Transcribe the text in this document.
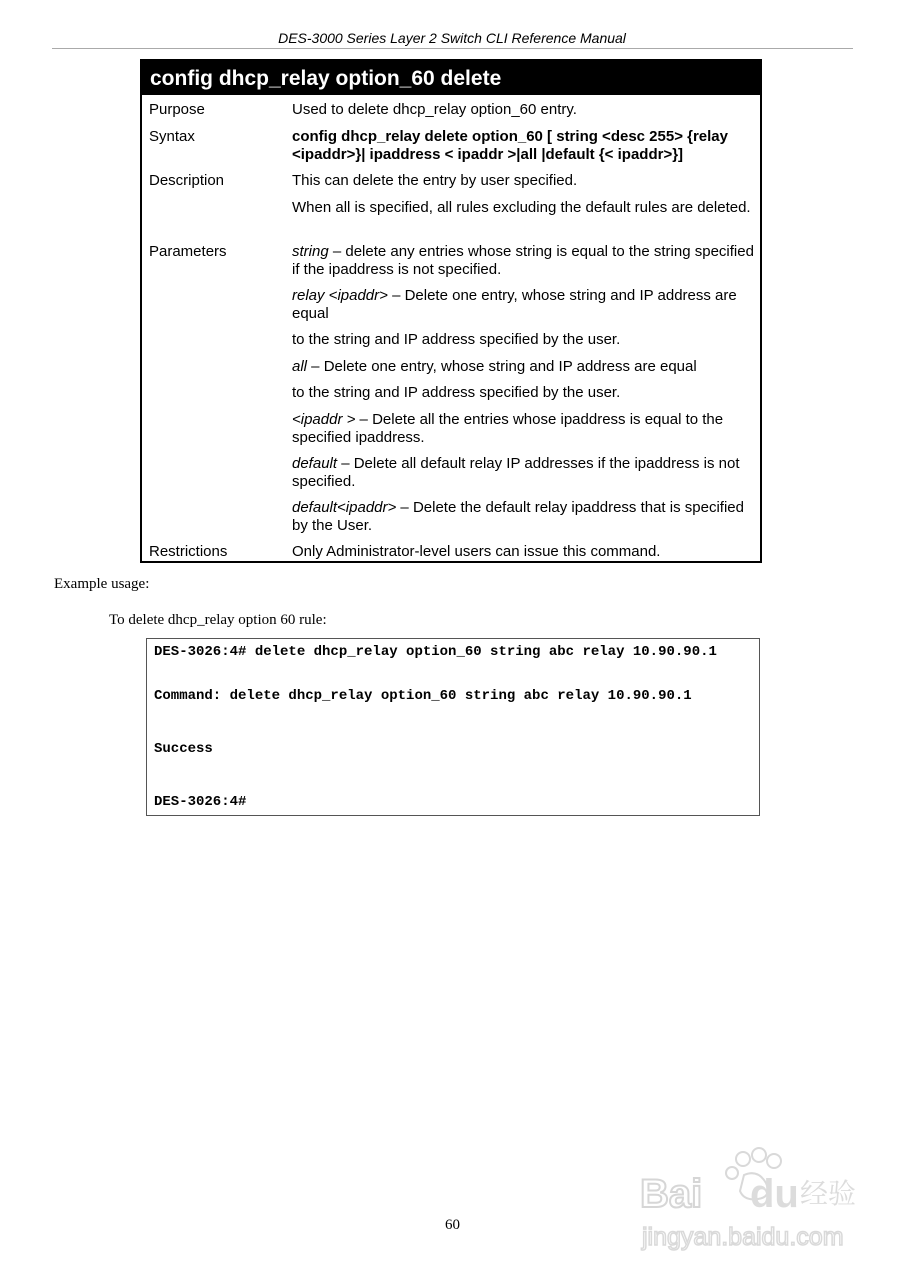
DES-3000 Series Layer 2 Switch CLI Reference Manual
config dhcp_relay option_60 delete
Purpose	Used to delete dhcp_relay option_60 entry.
Syntax	config dhcp_relay delete option_60 [ string <desc 255> {relay <ipaddr>}| ipaddress < ipaddr >|all |default {< ipaddr>}]
Description	This can delete the entry by user specified.
When all is specified, all rules excluding the default rules are deleted.
Parameters	string – delete any entries whose string is equal to the string specified if the ipaddress is not specified.
relay <ipaddr> – Delete one entry, whose string and IP address are equal
to the string and IP address specified by the user.
all – Delete one entry, whose string and IP address are equal
to the string and IP address specified by the user.
<ipaddr > – Delete all the entries whose ipaddress is equal to the specified ipaddress.
default – Delete all default relay IP addresses if the ipaddress is not specified.
default<ipaddr> – Delete the default relay ipaddress that is specified by the User.
Restrictions	Only Administrator-level users can issue this command.
Example usage:
To delete dhcp_relay option 60 rule:
DES-3026:4# delete dhcp_relay option_60 string abc relay 10.90.90.1
Command: delete dhcp_relay option_60 string abc relay 10.90.90.1
Success
DES-3026:4#
60
Bai du 经验
jingyan.baidu.com
